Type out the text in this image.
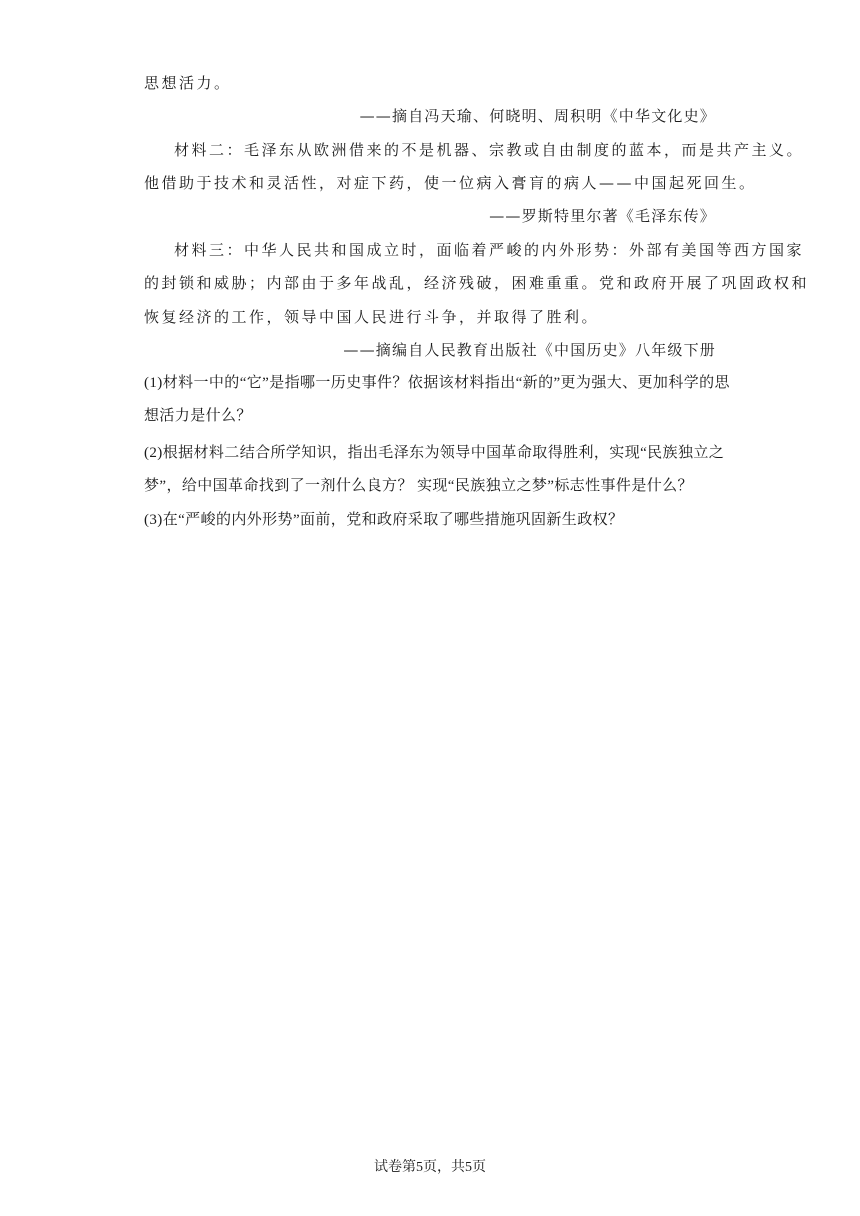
思想活力。
——摘自冯天瑜、何晓明、周积明《中华文化史》
材料二：毛泽东从欧洲借来的不是机器、宗教或自由制度的蓝本，而是共产主义。
他借助于技术和灵活性，对症下药，使一位病入膏肓的病人——中国起死回生。
——罗斯特里尔著《毛泽东传》
材料三：中华人民共和国成立时，面临着严峻的内外形势：外部有美国等西方国家
的封锁和威胁；内部由于多年战乱，经济残破，困难重重。党和政府开展了巩固政权和
恢复经济的工作，领导中国人民进行斗争，并取得了胜利。
——摘编自人民教育出版社《中国历史》八年级下册
(1)材料一中的“它”是指哪一历史事件？依据该材料指出“新的”更为强大、更加科学的思
想活力是什么？
(2)根据材料二结合所学知识，指出毛泽东为领导中国革命取得胜利，实现“民族独立之
梦”，给中国革命找到了一剂什么良方？ 实现“民族独立之梦”标志性事件是什么？
(3)在“严峻的内外形势”面前，党和政府采取了哪些措施巩固新生政权？
试卷第5页，共5页
